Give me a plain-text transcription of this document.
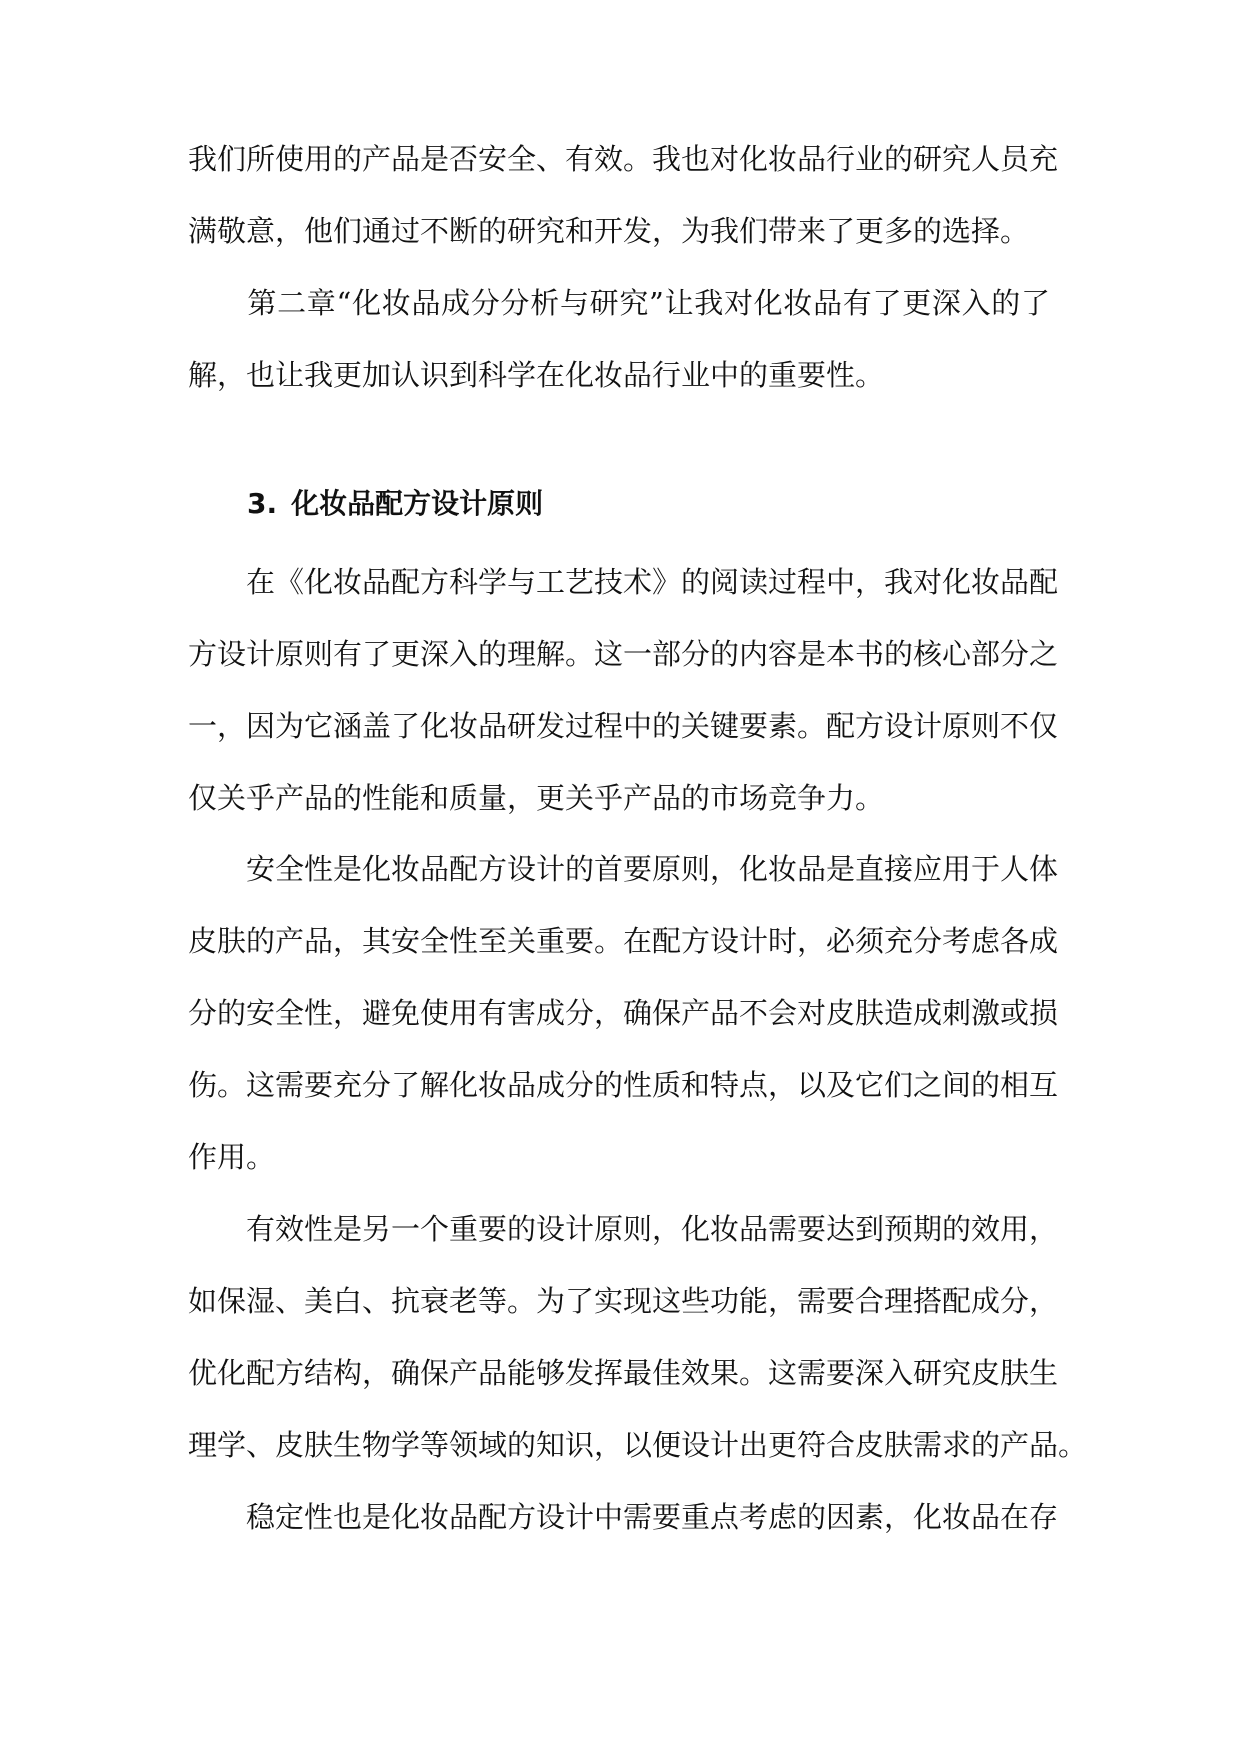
我们所使用的产品是否安全、有效。我也对化妆品行业的研究人员充
满敬意，他们通过不断的研究和开发，为我们带来了更多的选择。
　　第二章“化妆品成分分析与研究”让我对化妆品有了更深入的了
解，也让我更加认识到科学在化妆品行业中的重要性。
3. 化妆品配方设计原则
　　在《化妆品配方科学与工艺技术》的阅读过程中，我对化妆品配
方设计原则有了更深入的理解。这一部分的内容是本书的核心部分之
一，因为它涵盖了化妆品研发过程中的关键要素。配方设计原则不仅
仅关乎产品的性能和质量，更关乎产品的市场竞争力。
　　安全性是化妆品配方设计的首要原则，化妆品是直接应用于人体
皮肤的产品，其安全性至关重要。在配方设计时，必须充分考虑各成
分的安全性，避免使用有害成分，确保产品不会对皮肤造成刺激或损
伤。这需要充分了解化妆品成分的性质和特点，以及它们之间的相互
作用。
　　有效性是另一个重要的设计原则，化妆品需要达到预期的效用，
如保湿、美白、抗衰老等。为了实现这些功能，需要合理搭配成分，
优化配方结构，确保产品能够发挥最佳效果。这需要深入研究皮肤生
理学、皮肤生物学等领域的知识，以便设计出更符合皮肤需求的产品。
　　稳定性也是化妆品配方设计中需要重点考虑的因素，化妆品在存
